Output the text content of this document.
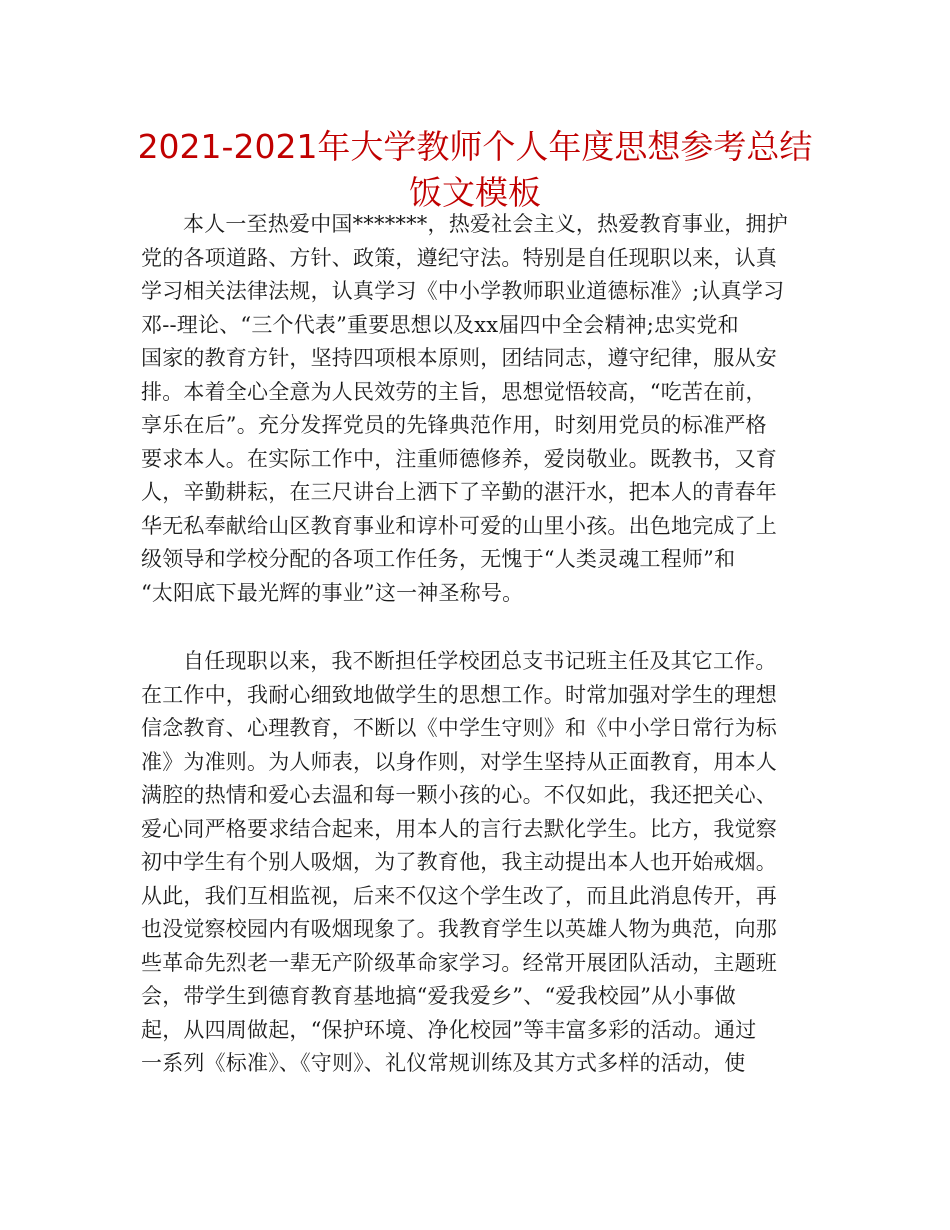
2021-2021年大学教师个人年度思想参考总结
饭文模板
本人一至热爱中国*******，热爱社会主义，热爱教育事业，拥护
党的各项道路、方针、政策，遵纪守法。特别是自任现职以来，认真
学习相关法律法规，认真学习《中小学教师职业道德标准》;认真学习
邓--理论、“三个代表”重要思想以及xx届四中全会精神;忠实党和
国家的教育方针，坚持四项根本原则，团结同志，遵守纪律，服从安
排。本着全心全意为人民效劳的主旨，思想觉悟较高，“吃苦在前，
享乐在后”。充分发挥党员的先锋典范作用，时刻用党员的标准严格
要求本人。在实际工作中，注重师德修养，爱岗敬业。既教书，又育
人，辛勤耕耘，在三尺讲台上洒下了辛勤的湛汗水，把本人的青春年
华无私奉献给山区教育事业和谆朴可爱的山里小孩。出色地完成了上
级领导和学校分配的各项工作任务，无愧于“人类灵魂工程师”和
“太阳底下最光辉的事业”这一神圣称号。
自任现职以来，我不断担任学校团总支书记班主任及其它工作。
在工作中，我耐心细致地做学生的思想工作。时常加强对学生的理想
信念教育、心理教育，不断以《中学生守则》和《中小学日常行为标
准》为准则。为人师表，以身作则，对学生坚持从正面教育，用本人
满腔的热情和爱心去温和每一颗小孩的心。不仅如此，我还把关心、
爱心同严格要求结合起来，用本人的言行去默化学生。比方，我觉察
初中学生有个别人吸烟，为了教育他，我主动提出本人也开始戒烟。
从此，我们互相监视，后来不仅这个学生改了，而且此消息传开，再
也没觉察校园内有吸烟现象了。我教育学生以英雄人物为典范，向那
些革命先烈老一辈无产阶级革命家学习。经常开展团队活动，主题班
会，带学生到德育教育基地搞“爱我爱乡”、“爱我校园”从小事做
起，从四周做起，“保护环境、净化校园”等丰富多彩的活动。通过
一系列《标准》、《守则》、礼仪常规训练及其方式多样的活动，使
